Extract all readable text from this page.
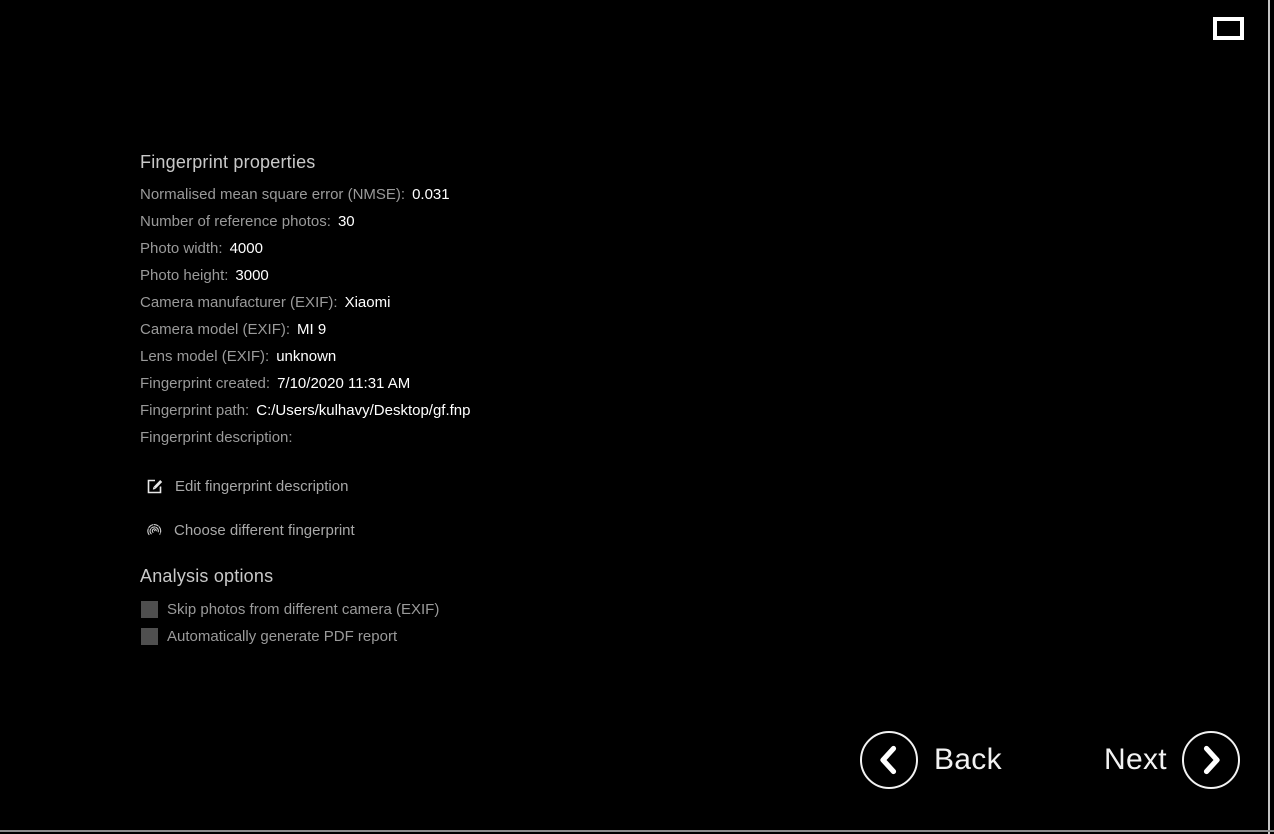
Fingerprint properties
Normalised mean square error (NMSE): 0.031
Number of reference photos: 30
Photo width: 4000
Photo height: 3000
Camera manufacturer (EXIF): Xiaomi
Camera model (EXIF): MI 9
Lens model (EXIF): unknown
Fingerprint created: 7/10/2020 11:31 AM
Fingerprint path: C:/Users/kulhavy/Desktop/gf.fnp
Fingerprint description:
Edit fingerprint description
Choose different fingerprint
Analysis options
Skip photos from different camera (EXIF)
Automatically generate PDF report
Back	Next
